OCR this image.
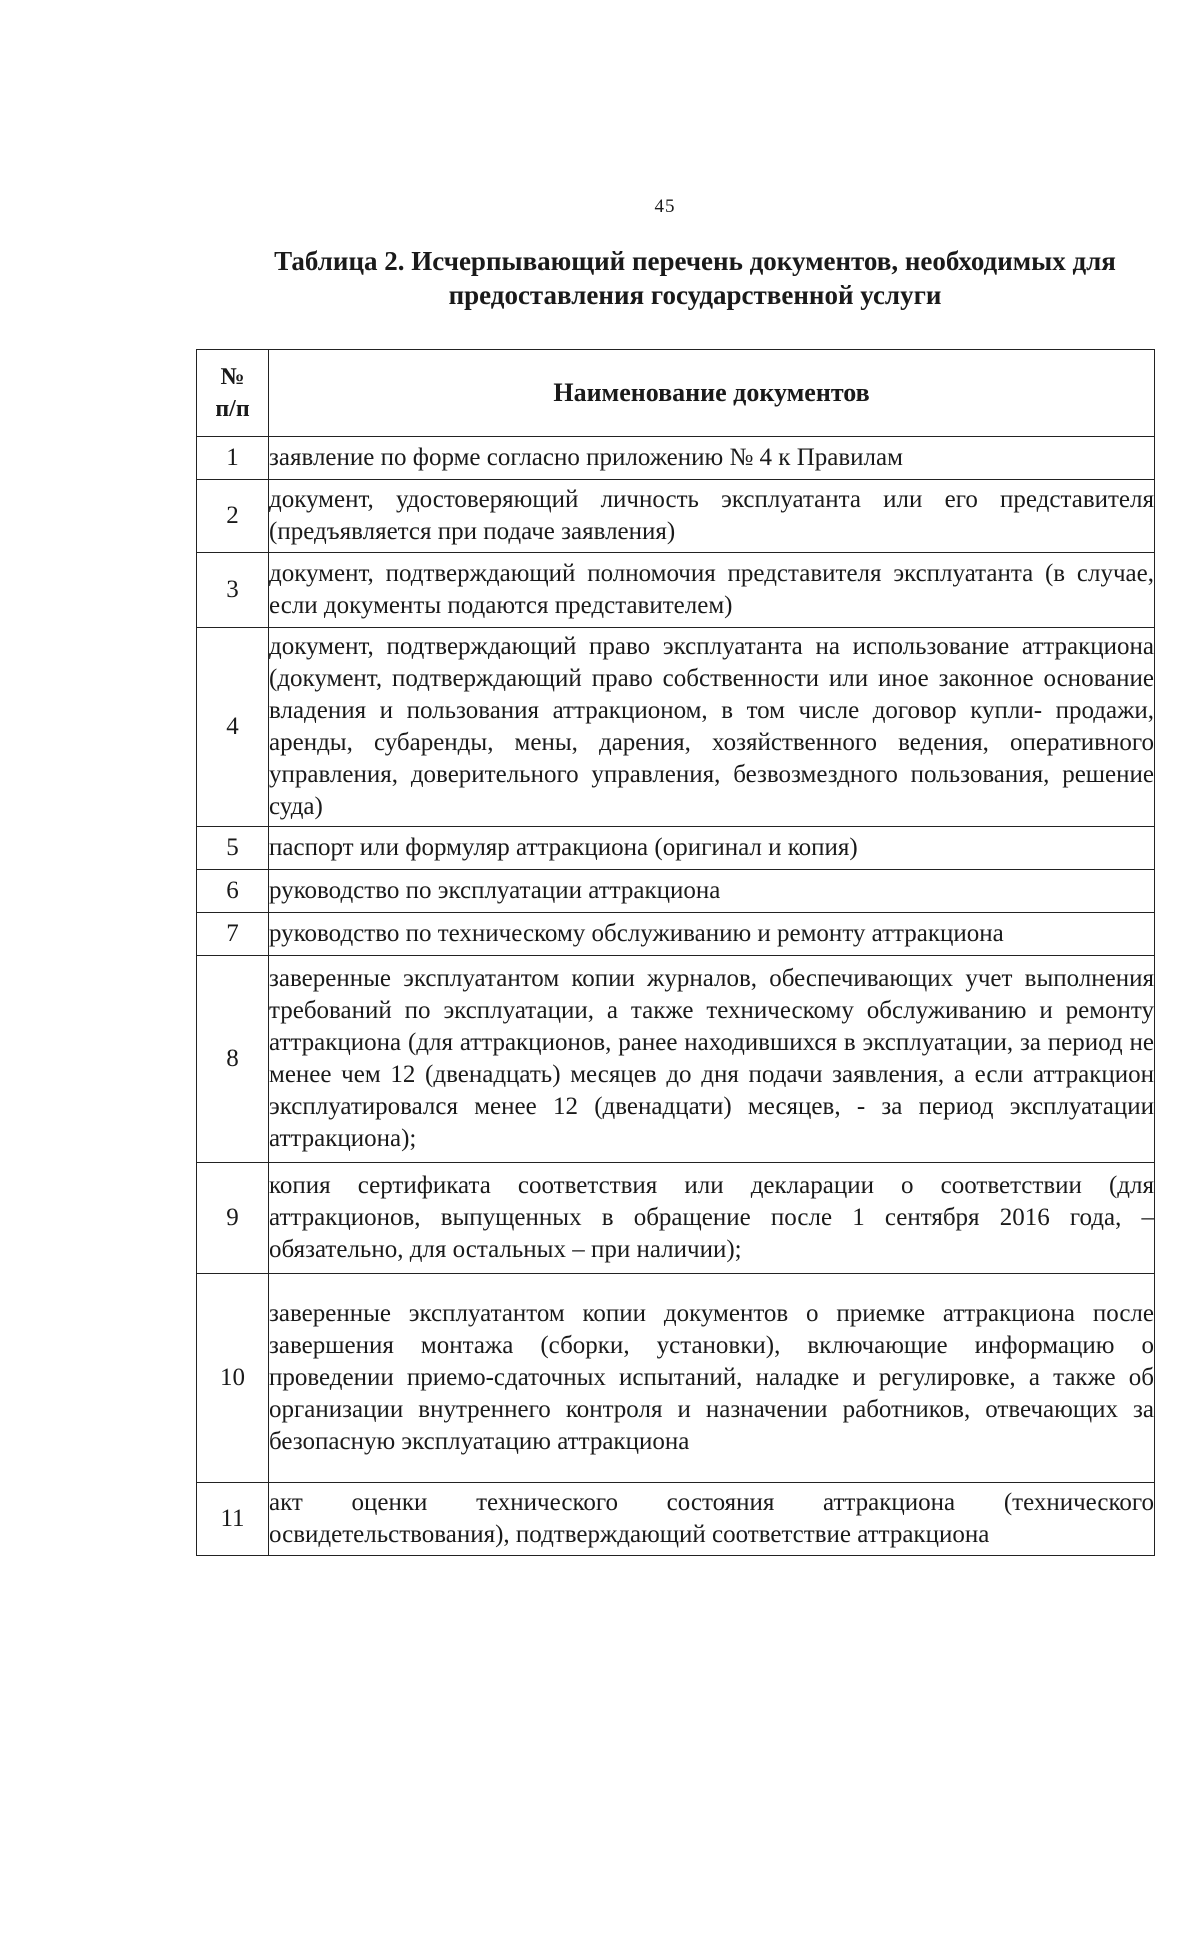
45
Таблица 2. Исчерпывающий перечень документов, необходимых для
предоставления государственной услуги
№
п/п	Наименование документов
1	заявление по форме согласно приложению № 4 к Правилам
2	документ, удостоверяющий личность эксплуатанта или его представителя (предъявляется при подаче заявления)
3	документ, подтверждающий полномочия представителя эксплуатанта (в случае, если документы подаются представителем)
4	документ, подтверждающий право эксплуатанта на использование аттракциона (документ, подтверждающий право собственности или иное законное основание владения и пользования аттракционом, в том числе договор купли- продажи, аренды, субаренды, мены, дарения, хозяйственного ведения, оперативного управления, доверительного управления, безвозмездного пользования, решение суда)
5	паспорт или формуляр аттракциона (оригинал и копия)
6	руководство по эксплуатации аттракциона
7	руководство по техническому обслуживанию и ремонту аттракциона
8	заверенные эксплуатантом копии журналов, обеспечивающих учет выполнения требований по эксплуатации, а также техническому обслуживанию и ремонту аттракциона (для аттракционов, ранее находившихся в эксплуатации, за период не менее чем 12 (двенадцать) месяцев до дня подачи заявления, а если аттракцион эксплуатировался менее 12 (двенадцати) месяцев, - за период эксплуатации аттракциона);
9	копия сертификата соответствия или декларации о соответствии (для аттракционов, выпущенных в обращение после 1 сентября 2016 года, – обязательно, для остальных – при наличии);
10	заверенные эксплуатантом копии документов о приемке аттракциона после завершения монтажа (сборки, установки), включающие информацию о проведении приемо-сдаточных испытаний, наладке и регулировке, а также об организации внутреннего контроля и назначении работников, отвечающих за безопасную эксплуатацию аттракциона
11	акт оценки технического состояния аттракциона (технического освидетельствования), подтверждающий соответствие аттракциона
